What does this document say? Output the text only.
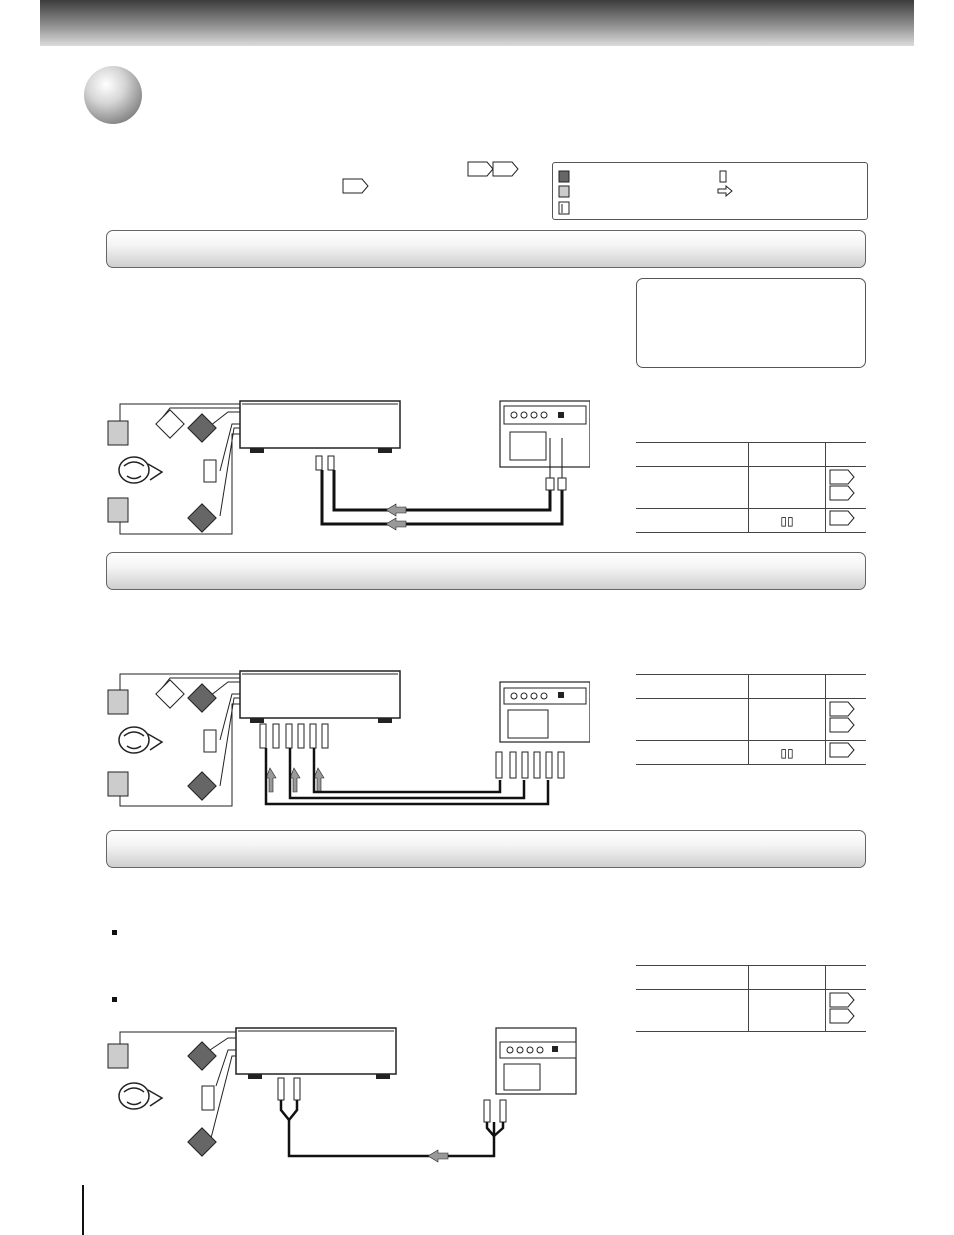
	▯▯	

	▯▯	
